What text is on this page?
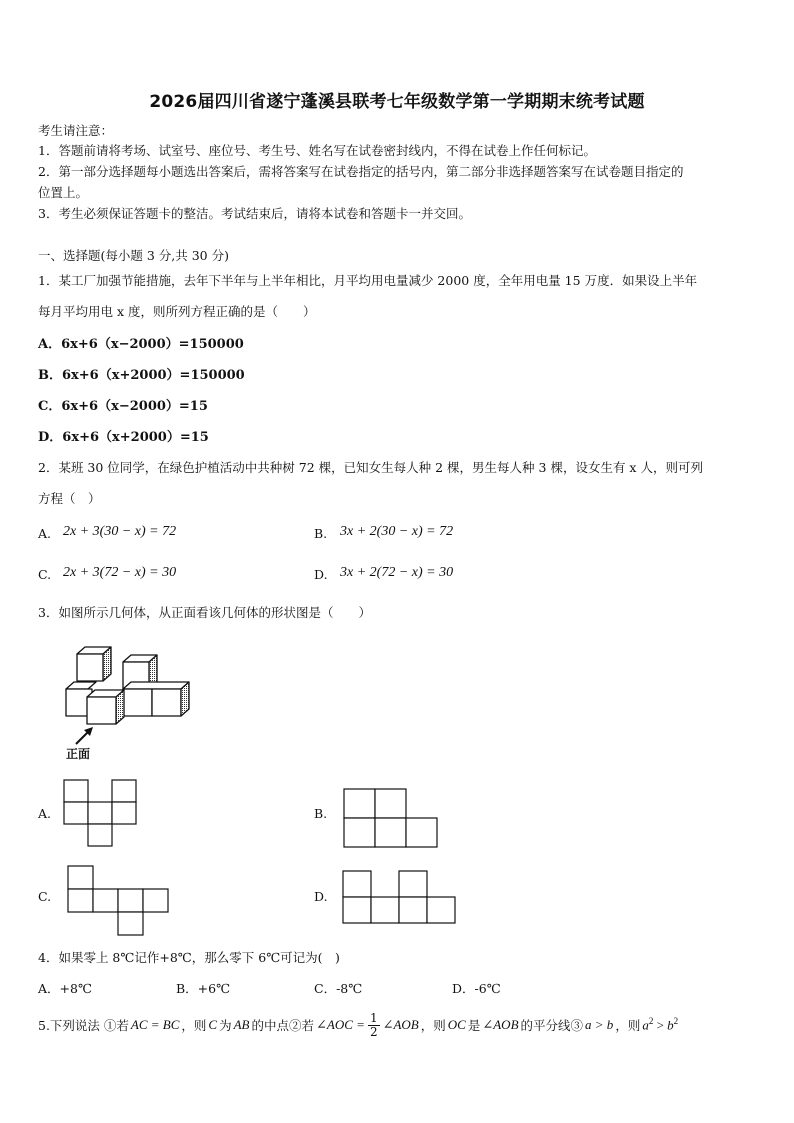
2026届四川省遂宁蓬溪县联考七年级数学第一学期期末统考试题
考生请注意：
1．答题前请将考场、试室号、座位号、考生号、姓名写在试卷密封线内，不得在试卷上作任何标记。
2．第一部分选择题每小题选出答案后，需将答案写在试卷指定的括号内，第二部分非选择题答案写在试卷题目指定的
位置上。
3．考生必须保证答题卡的整洁。考试结束后，请将本试卷和答题卡一并交回。
一、选择题(每小题 3 分,共 30 分)
1．某工厂加强节能措施，去年下半年与上半年相比，月平均用电量减少 2000 度，全年用电量 15 万度．如果设上半年
每月平均用电 x 度，则所列方程正确的是（　　）
A．6x+6（x−2000）=150000
B．6x+6（x+2000）=150000
C．6x+6（x−2000）=15
D．6x+6（x+2000）=15
2．某班 30 位同学，在绿色护植活动中共种树 72 棵，已知女生每人种 2 棵，男生每人种 3 棵，设女生有 x 人，则可列
方程（　）
A. 2x + 3(30 − x) = 72	B. 3x + 2(30 − x) = 72
C. 2x + 3(72 − x) = 30	D. 3x + 2(72 − x) = 30
3．如图所示几何体，从正面看该几何体的形状图是（　　）
正面
A.	B.
C.	D.
4．如果零上 8℃记作+8℃，那么零下 6℃可记为(　)
A．+8℃	B．+6℃	C．-8℃	D．-6℃
5.下列说法 ①若 AC = BC ，则 C 为 AB 的中点②若 ∠AOC = $\frac{1}{2}$ ∠AOB ，则 OC 是 ∠AOB 的平分线③ a > b ，则 $a^2 > b^2$
